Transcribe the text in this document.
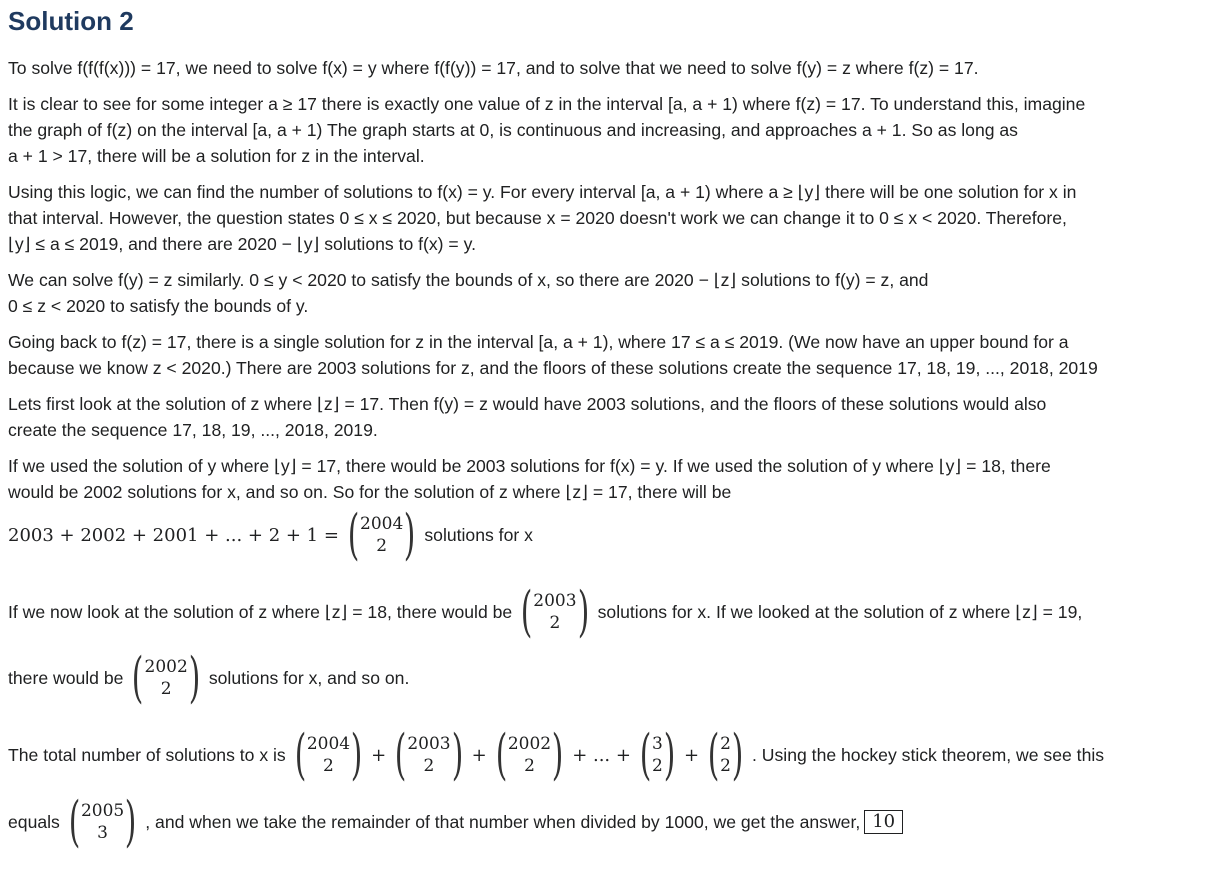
Solution 2

To solve f(f(f(x))) = 17, we need to solve f(x) = y where f(f(y)) = 17, and to solve that we need to solve f(y) = z where f(z) = 17.

It is clear to see for some integer a ≥ 17 there is exactly one value of z in the interval [a, a + 1) where f(z) = 17. To understand this, imagine

the graph of f(z) on the interval [a, a + 1) The graph starts at 0, is continuous and increasing, and approaches a + 1. So as long as

a + 1 > 17, there will be a solution for z in the interval.

Using this logic, we can find the number of solutions to f(x) = y. For every interval [a, a + 1) where a ≥ ⌊y⌋ there will be one solution for x in

that interval. However, the question states 0 ≤ x ≤ 2020, but because x = 2020 doesn't work we can change it to 0 ≤ x < 2020. Therefore,

⌊y⌋ ≤ a ≤ 2019, and there are 2020 − ⌊y⌋ solutions to f(x) = y.

We can solve f(y) = z similarly. 0 ≤ y < 2020 to satisfy the bounds of x, so there are 2020 − ⌊z⌋ solutions to f(y) = z, and

0 ≤ z < 2020 to satisfy the bounds of y.

Going back to f(z) = 17, there is a single solution for z in the interval [a, a + 1), where 17 ≤ a ≤ 2019. (We now have an upper bound for a

because we know z < 2020.) There are 2003 solutions for z, and the floors of these solutions create the sequence 17, 18, 19, ..., 2018, 2019

Lets first look at the solution of z where ⌊z⌋ = 17. Then f(y) = z would have 2003 solutions, and the floors of these solutions would also

create the sequence 17, 18, 19, ..., 2018, 2019.

If we used the solution of y where ⌊y⌋ = 17, there would be 2003 solutions for f(x) = y. If we used the solution of y where ⌊y⌋ = 18, there

would be 2002 solutions for x, and so on. So for the solution of z where ⌊z⌋ = 17, there will be

2003 + 2002 + 2001 + ... + 2 + 1 = ( 2004
2 ) solutions for x
If we now look at the solution of z where ⌊z⌋ = 18, there would be ( 2003
2 ) solutions for x. If we looked at the solution of z where ⌊z⌋ = 19,
there would be ( 2002
2 ) solutions for x, and so on.
The total number of solutions to x is ( 2004
2 ) + ( 2003
2 ) + ( 2002
2 ) + ... + ( 3
2 ) + ( 2
2 ) . Using the hockey stick theorem, we see this
equals ( 2005
3 ) , and when we take the remainder of that number when divided by 1000, we get the answer, 10
